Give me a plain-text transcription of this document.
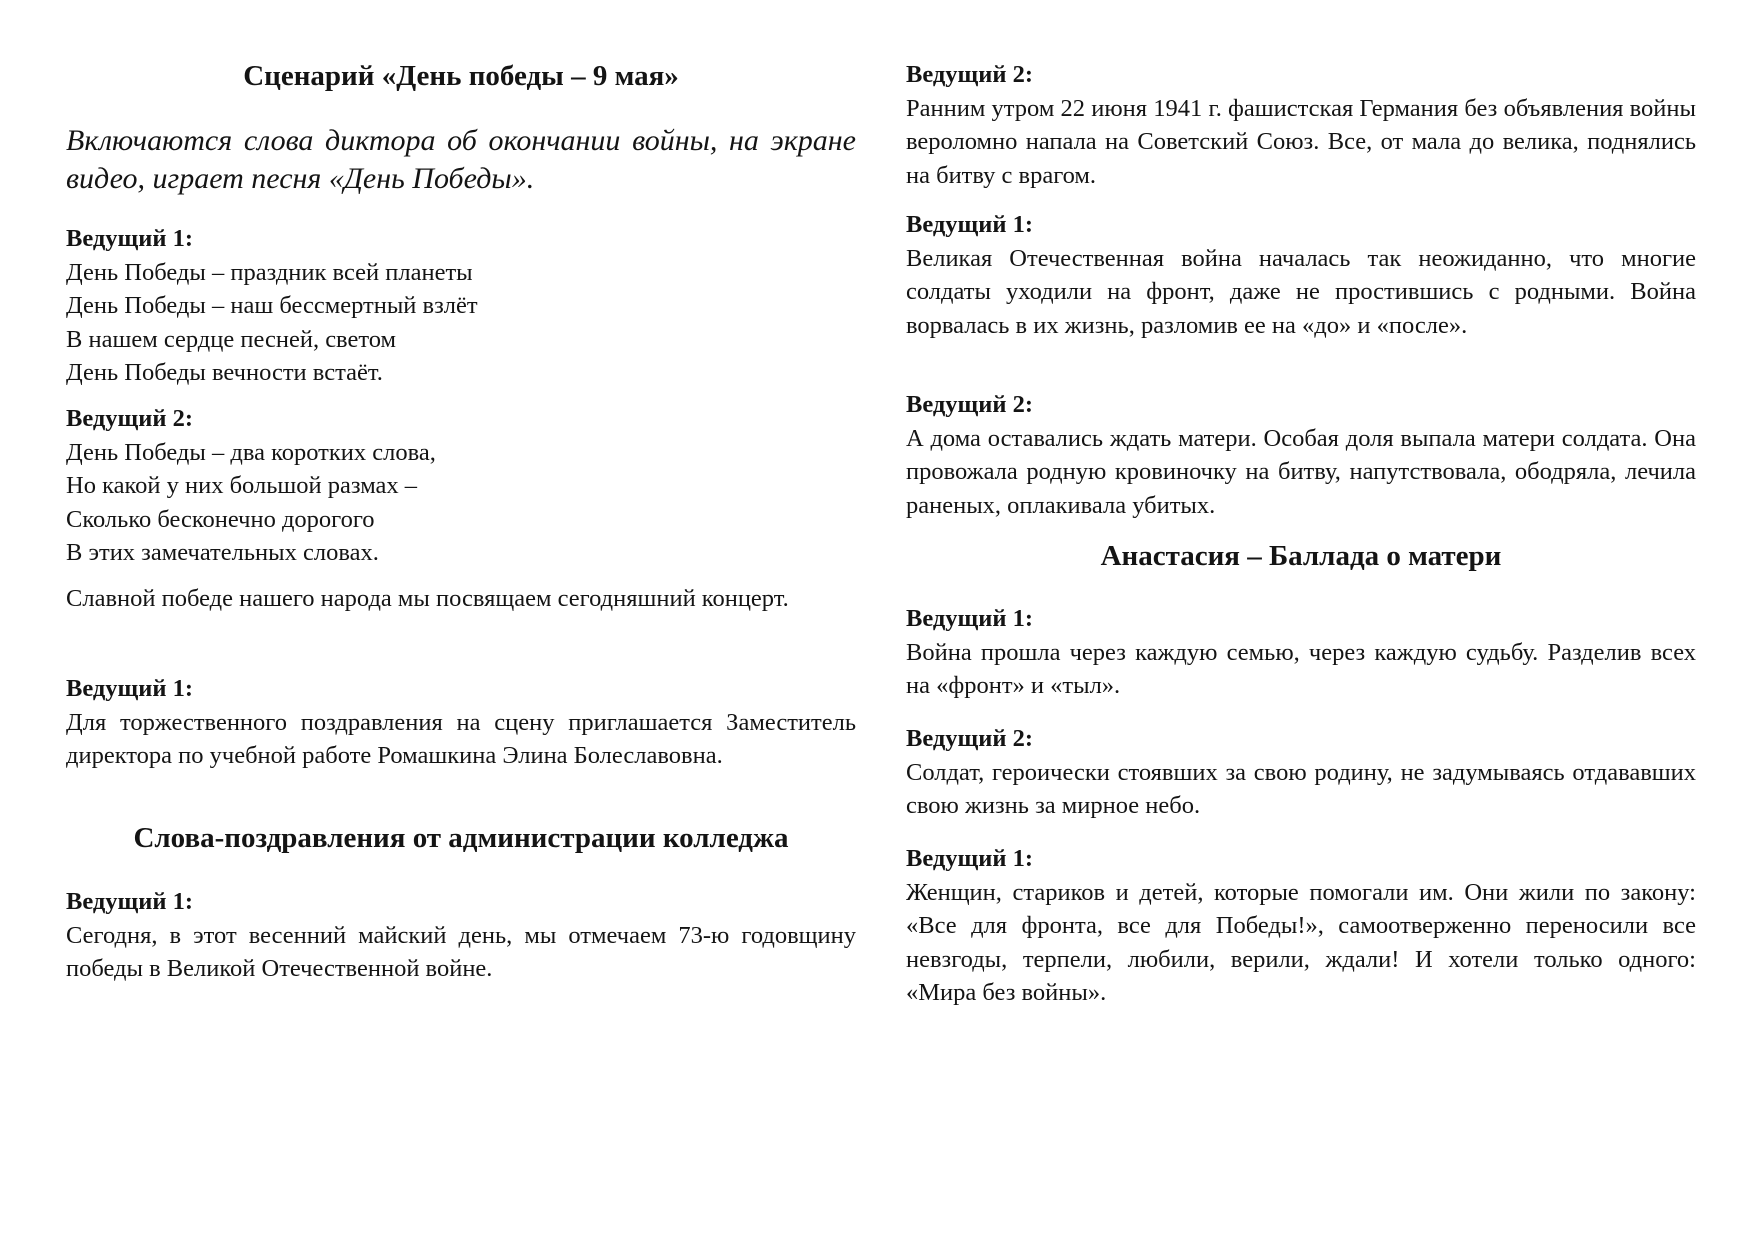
Сценарий «День победы – 9 мая»
Включаются слова диктора об окончании войны, на экране видео, играет песня «День Победы».
Ведущий 1:
День Победы – праздник всей планеты
День Победы – наш бессмертный взлёт
В нашем сердце песней, светом
День Победы вечности встаёт.
Ведущий 2:
День Победы – два коротких слова,
Но какой у них большой размах –
Сколько бесконечно дорогого
В этих замечательных словах.
Славной победе нашего народа мы посвящаем сегодняшний концерт.
Ведущий 1:
Для торжественного поздравления на сцену приглашается Заместитель директора по учебной работе Ромашкина Элина Болеславовна.
Слова-поздравления от администрации колледжа
Ведущий 1:
Сегодня, в этот весенний майский день, мы отмечаем 73-ю годовщину победы в Великой Отечественной войне.
Ведущий 2:
Ранним утром 22 июня 1941 г. фашистская Германия без объявления войны вероломно напала на Советский Союз. Все, от мала до велика, поднялись на битву с врагом.
Ведущий 1:
Великая Отечественная война началась так неожиданно, что многие солдаты уходили на фронт, даже не простившись с родными. Война ворвалась в их жизнь, разломив ее на «до» и «после».
Ведущий 2:
А дома оставались ждать матери. Особая доля выпала матери солдата. Она провожала родную кровиночку на битву, напутствовала, ободряла, лечила раненых, оплакивала убитых.
Анастасия – Баллада о матери
Ведущий 1:
Война прошла через каждую семью, через каждую судьбу. Разделив всех на «фронт» и «тыл».
Ведущий 2:
Солдат, героически стоявших за свою родину, не задумываясь отдававших свою жизнь за мирное небо.
Ведущий 1:
Женщин, стариков и детей, которые помогали им. Они жили по закону: «Все для фронта, все для Победы!», самоотверженно переносили все невзгоды, терпели, любили, верили, ждали! И хотели только одного: «Мира без войны».
